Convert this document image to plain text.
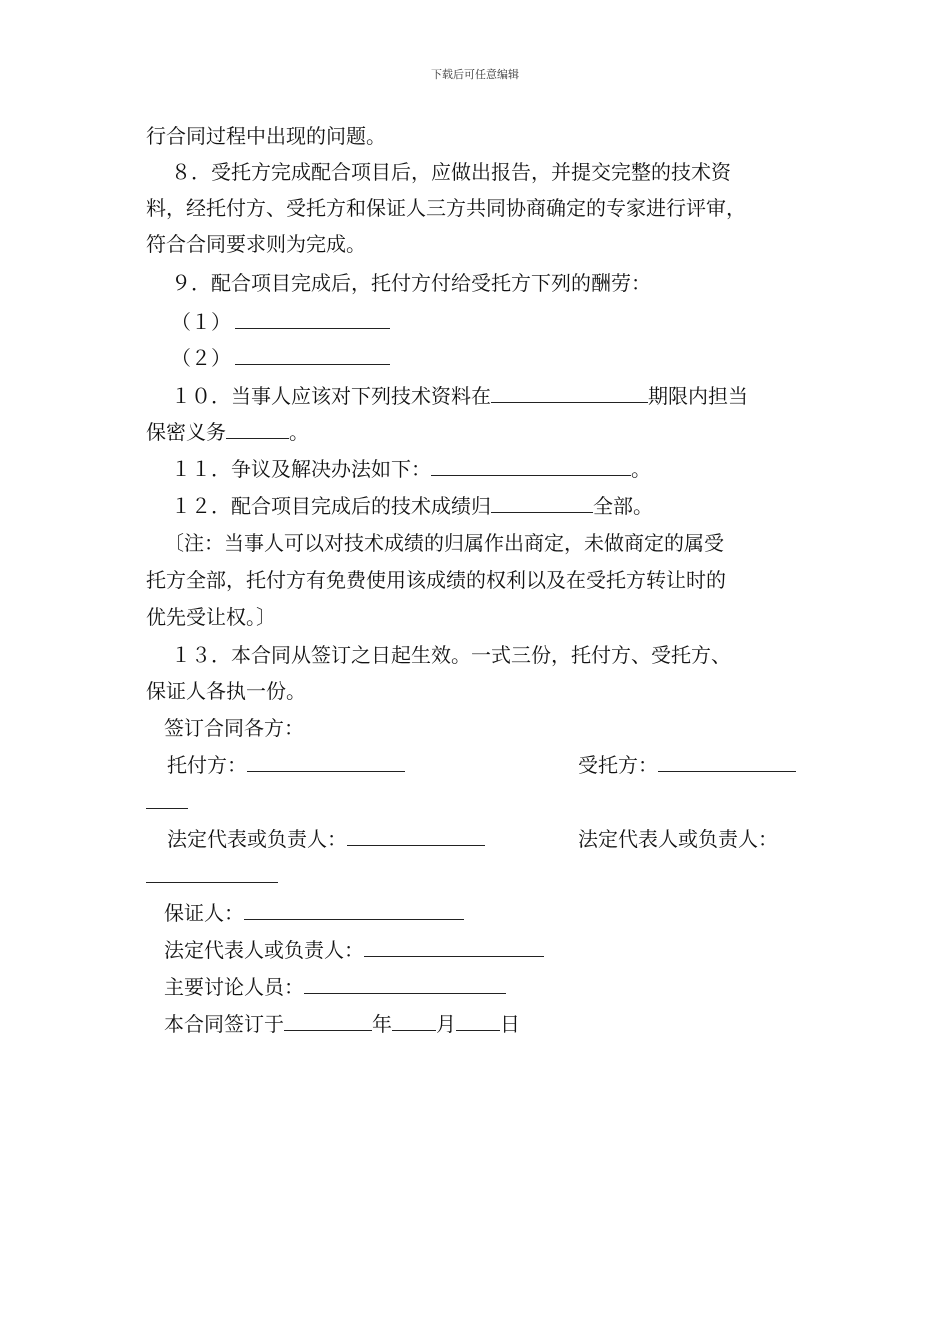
下载后可任意编辑
行合同过程中出现的问题。
８．受托方完成配合项目后，应做出报告，并提交完整的技术资
料，经托付方、受托方和保证人三方共同协商确定的专家进行评审，
符合合同要求则为完成。
９．配合项目完成后，托付方付给受托方下列的酬劳：
（１）
（２）
１０．当事人应该对下列技术资料在	期限内担当
保密义务	。
１１．争议及解决办法如下：	。
１２．配合项目完成后的技术成绩归	全部。
〔注：当事人可以对技术成绩的归属作出商定，未做商定的属受
托方全部，托付方有免费使用该成绩的权利以及在受托方转让时的
优先受让权。〕
１３．本合同从签订之日起生效。一式三份，托付方、受托方、
保证人各执一份。
签订合同各方：
托付方：	受托方：
法定代表或负责人：	法定代表人或负责人：
保证人：
法定代表人或负责人：
主要讨论人员：
本合同签订于	年 月 日
